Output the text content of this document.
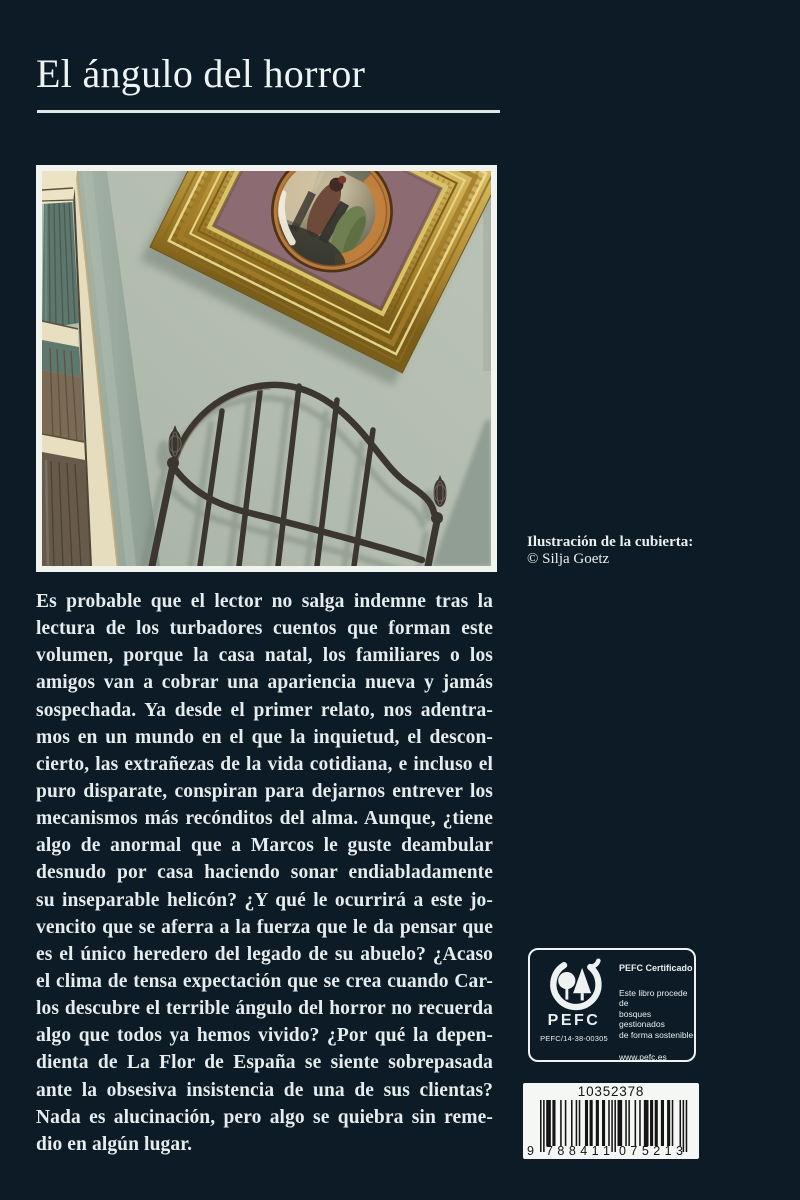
El ángulo del horror
Ilustración de la cubierta:
© Silja Goetz
Es probable que el lector no salga indemne tras la
lectura de los turbadores cuentos que forman este
volumen, porque la casa natal, los familiares o los
amigos van a cobrar una apariencia nueva y jamás
sospechada. Ya desde el primer relato, nos adentra-
mos en un mundo en el que la inquietud, el descon-
cierto, las extrañezas de la vida cotidiana, e incluso el
puro disparate, conspiran para dejarnos entrever los
mecanismos más recónditos del alma. Aunque, ¿tiene
algo de anormal que a Marcos le guste deambular
desnudo por casa haciendo sonar endiabladamente
su inseparable helicón? ¿Y qué le ocurrirá a este jo-
vencito que se aferra a la fuerza que le da pensar que
es el único heredero del legado de su abuelo? ¿Acaso
el clima de tensa expectación que se crea cuando Car-
los descubre el terrible ángulo del horror no recuerda
algo que todos ya hemos vivido? ¿Por qué la depen-
dienta de La Flor de España se siente sobrepasada
ante la obsesiva insistencia de una de sus clientas?
Nada es alucinación, pero algo se quiebra sin reme-
dio en algún lugar.
PEFC
PEFC/14-38-00305
PEFC Certificado
Este libro procede de
bosques gestionados
de forma sostenible
www.pefc.es
10352378
9 7 8 8 4 1 1 0 7 5 2 1 3
